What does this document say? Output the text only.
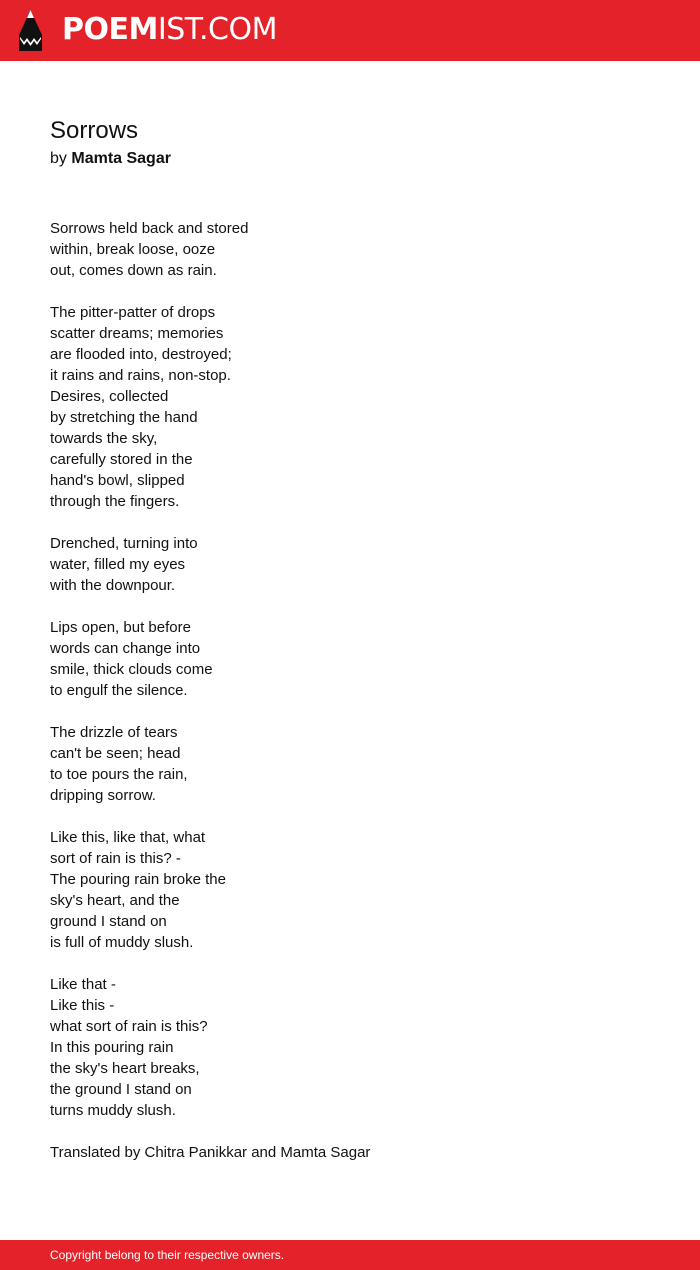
POEMIST.COM
Sorrows
by Mamta Sagar
Sorrows held back and stored
within, break loose, ooze
out, comes down as rain.
The pitter-patter of drops
scatter dreams; memories
are flooded into, destroyed;
it rains and rains, non-stop.
Desires, collected
by stretching the hand
towards the sky,
carefully stored in the
hand's bowl, slipped
through the fingers.
Drenched, turning into
water, filled my eyes
with the downpour.
Lips open, but before
words can change into
smile, thick clouds come
to engulf the silence.
The drizzle of tears
can't be seen; head
to toe pours the rain,
dripping sorrow.
Like this, like that, what
sort of rain is this? -
The pouring rain broke the
sky's heart, and the
ground I stand on
is full of muddy slush.
Like that -
Like this -
what sort of rain is this?
In this pouring rain
the sky's heart breaks,
the ground I stand on
turns muddy slush.
Translated by Chitra Panikkar and Mamta Sagar
Copyright belong to their respective owners.
